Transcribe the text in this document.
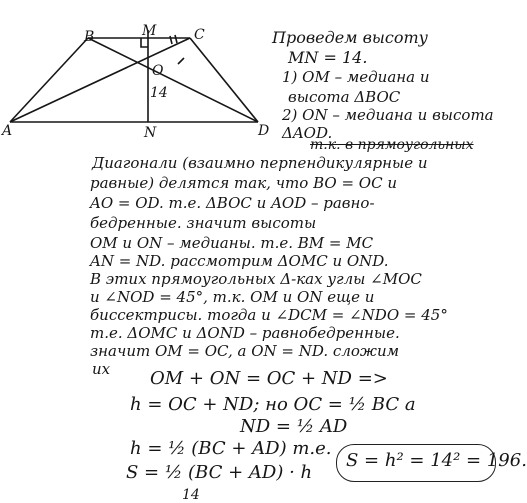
B	M	C
O
14
A	N	D
Проведем высоту
MN = 14.
1) OM – медиана и
высота ΔBOC
2) ON – медиана и высота
ΔAOD.
т.к. в прямоугольных
Диагонали (взаимно перпендикулярные и
равные) делятся так, что BO = OC и
AO = OD. т.е. ΔBOC и AOD – равно-
бедренные. значит высоты
OM и ON – медианы. т.е. BM = MC
AN = ND. рассмотрим ΔOMC и OND.
В этих прямоугольных Δ-ках углы ∠MOC
и ∠NOD = 45°, т.к. OM и ON еще и
биссектрисы. тогда и ∠DCM = ∠NDO = 45°
т.е. ΔOMC и ΔOND – равнобедренные.
значит OM = OC, а ON = ND. сложим
их OM + ON = OC + ND =>
h = OC + ND; но OC = ½ BC а
ND = ½ AD
h = ½ (BC + AD) т.е.
S = ½ (BC + AD) · h
14
S = h² = 14² = 196.
